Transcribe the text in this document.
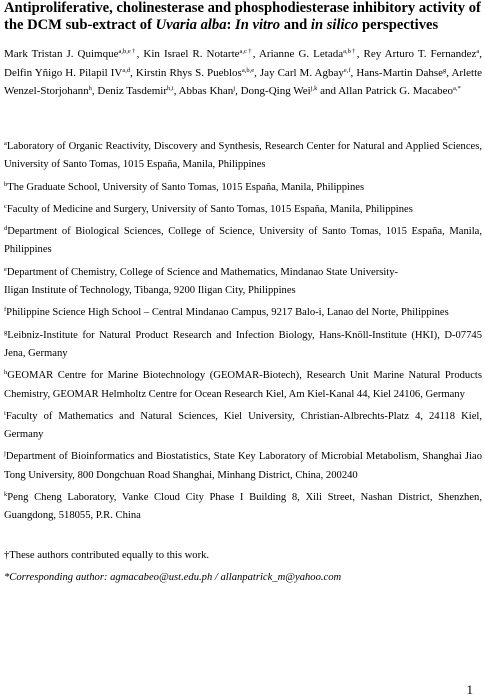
Antiproliferative, cholinesterase and phosphodiesterase inhibitory activity of
the DCM sub-extract of Uvaria alba: In vitro and in silico perspectives
Mark Tristan J. Quimque$^{a,b,e\dagger}$, Kin Israel R. Notarte$^{a,c\dagger}$, Arianne G. Letada$^{a,b\dagger}$, Rey Arturo T. Fernandez$^a$, Delfin Yñigo H. Pilapil IV$^{a,d}$, Kirstin Rhys S. Pueblos$^{a,b,e}$, Jay Carl M. Agbay$^{e,f}$, Hans-Martin Dahse$^g$, Arlette Wenzel-Storjohann$^h$, Deniz Tasdemir$^{h,i}$, Abbas Khan$^j$, Dong-Qing Wei$^{j,k}$ and Allan Patrick G. Macabeo$^{a,*}$
$^a$Laboratory of Organic Reactivity, Discovery and Synthesis, Research Center for Natural and Applied Sciences, University of Santo Tomas, 1015 España, Manila, Philippines
$^b$The Graduate School, University of Santo Tomas, 1015 España, Manila, Philippines
$^c$Faculty of Medicine and Surgery, University of Santo Tomas, 1015 España, Manila, Philippines
$^d$Department of Biological Sciences, College of Science, University of Santo Tomas, 1015 España, Manila, Philippines
$^e$Department of Chemistry, College of Science and Mathematics, Mindanao State University-
Iligan Institute of Technology, Tibanga, 9200 Iligan City, Philippines
$^f$Philippine Science High School – Central Mindanao Campus, 9217 Balo-i, Lanao del Norte, Philippines
$^g$Leibniz-Institute for Natural Product Research and Infection Biology, Hans-Knöll-Institute (HKI), D-07745 Jena, Germany
$^h$GEOMAR Centre for Marine Biotechnology (GEOMAR-Biotech), Research Unit Marine Natural Products Chemistry, GEOMAR Helmholtz Centre for Ocean Research Kiel, Am Kiel-Kanal 44, Kiel 24106, Germany
$^i$Faculty of Mathematics and Natural Sciences, Kiel University, Christian-Albrechts-Platz 4, 24118 Kiel, Germany
$^j$Department of Bioinformatics and Biostatistics, State Key Laboratory of Microbial Metabolism, Shanghai Jiao Tong University, 800 Dongchuan Road Shanghai, Minhang District, China, 200240
$^k$Peng Cheng Laboratory, Vanke Cloud City Phase I Building 8, Xili Street, Nashan District, Shenzhen, Guangdong, 518055, P.R. China
†These authors contributed equally to this work.
*Corresponding author: agmacabeo@ust.edu.ph / allanpatrick_m@yahoo.com
1
